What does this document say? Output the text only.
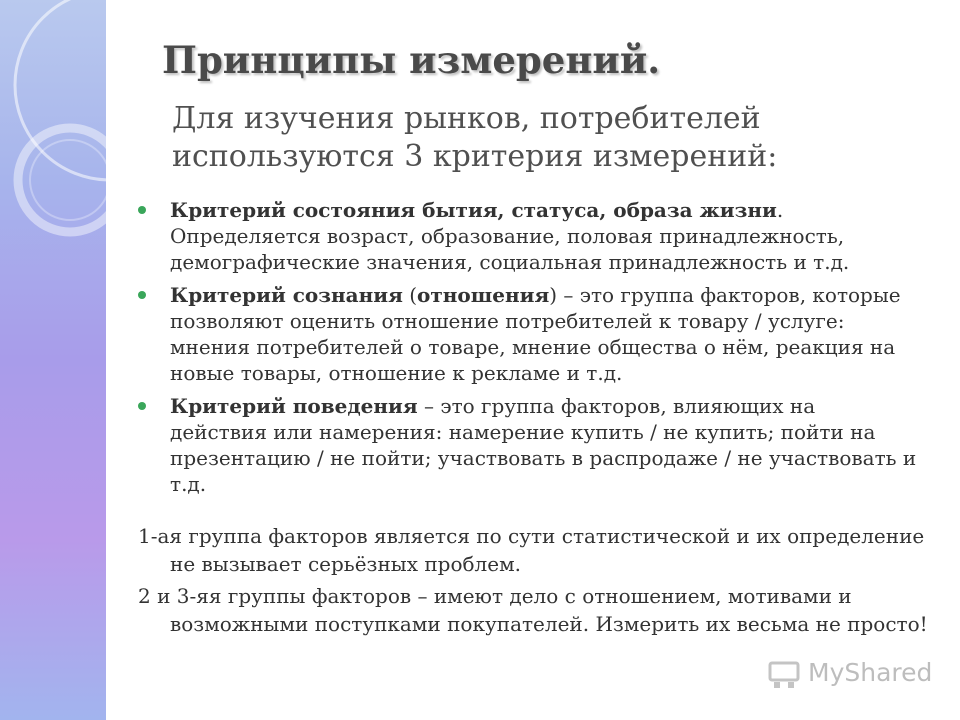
Принципы измерений.

Для изучения рынков, потребителей используются 3 критерия измерений:

Критерий состояния бытия, статуса, образа жизни. Определяется возраст, образование, половая принадлежность, демографические значения, социальная принадлежность и т.д.
Критерий сознания (отношения) – это группа факторов, которые позволяют оценить отношение потребителей к товару / услуге: мнения потребителей о товаре, мнение общества о нём, реакция на новые товары, отношение к рекламе и т.д.
Критерий поведения – это группа факторов, влияющих на действия или намерения: намерение купить / не купить; пойти на презентацию / не пойти; участвовать в распродаже / не участвовать и т.д.

1-ая группа факторов является по сути статистической и их определение не вызывает серьёзных проблем.

2 и 3-яя группы факторов – имеют дело с отношением, мотивами и возможными поступками покупателей. Измерить их весьма не просто!

MyShared
